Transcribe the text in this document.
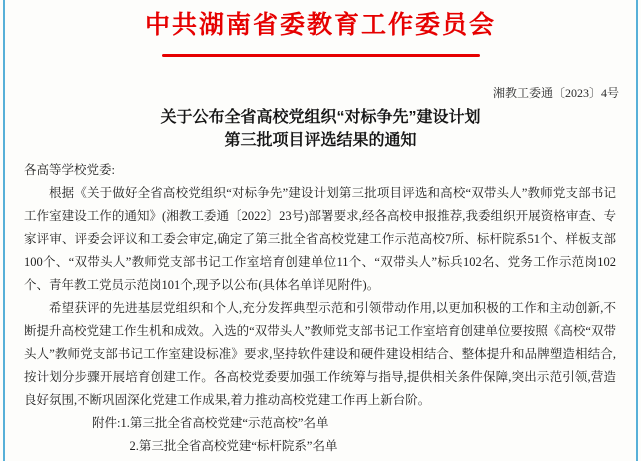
中共湖南省委教育工作委员会
湘教工委通〔2023〕4号
关于公布全省高校党组织“对标争先”建设计划
第三批项目评选结果的通知
各高等学校党委:

根据《关于做好全省高校党组织“对标争先”建设计划第三批项目评选和高校“双带头人”教师党支部书记工作室建设工作的通知》(湘教工委通〔2022〕23号)部署要求,经各高校申报推荐,我委组织开展资格审查、专家评审、评委会评议和工委会审定,确定了第三批全省高校党建工作示范高校7所、标杆院系51个、样板支部100个、“双带头人”教师党支部书记工作室培育创建单位11个、“双带头人”标兵102名、党务工作示范岗102个、青年教工党员示范岗101个,现予以公布(具体名单详见附件)。

希望获评的先进基层党组织和个人,充分发挥典型示范和引领带动作用,以更加积极的工作和主动创新,不断提升高校党建工作生机和成效。入选的“双带头人”教师党支部书记工作室培育创建单位要按照《高校“双带头人”教师党支部书记工作室建设标准》要求,坚持软件建设和硬件建设相结合、整体提升和品牌塑造相结合,按计划分步骤开展培育创建工作。各高校党委要加强工作统筹与指导,提供相关条件保障,突出示范引领,营造良好氛围,不断巩固深化党建工作成果,着力推动高校党建工作再上新台阶。

附件: 1.第三批全省高校党建“示范高校”名单
2.第三批全省高校党建“标杆院系”名单
